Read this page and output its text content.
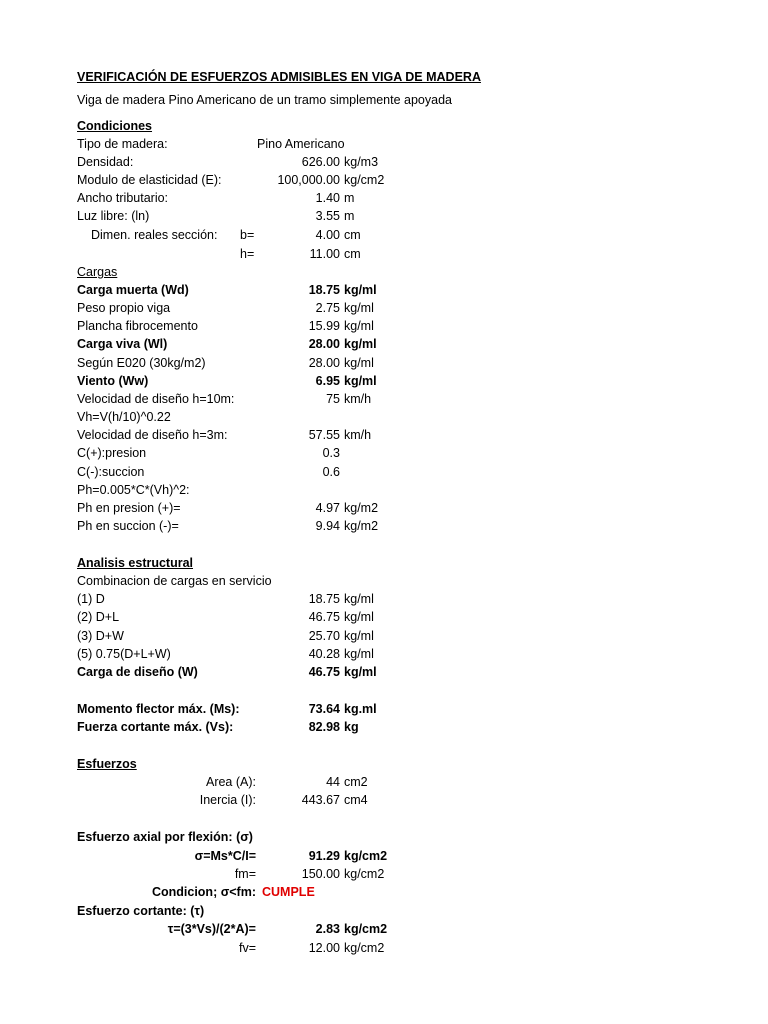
VERIFICACIÓN DE ESFUERZOS ADMISIBLES EN VIGA DE MADERA
Viga de madera Pino Americano de un tramo simplemente apoyada
Condiciones
Tipo de madera:	Pino Americano
Densidad:	626.00 kg/m3
Modulo de elasticidad (E):	100,000.00 kg/cm2
Ancho tributario:	1.40 m
Luz libre: (ln)	3.55 m
Dimen. reales sección: b=	4.00 cm
h=	11.00 cm
Cargas
Carga muerta (Wd)	18.75 kg/ml
Peso propio viga	2.75 kg/ml
Plancha fibrocemento	15.99 kg/ml
Carga viva (Wl)	28.00 kg/ml
Según E020 (30kg/m2)	28.00 kg/ml
Viento (Ww)	6.95 kg/ml
Velocidad de diseño h=10m:	75 km/h
Vh=V(h/10)^0.22
Velocidad de diseño h=3m:	57.55 km/h
C(+):presion	0.3
C(-):succion	0.6
Ph=0.005*C*(Vh)^2:
Ph en presion (+)=	4.97 kg/m2
Ph en succion (-)=	9.94 kg/m2
Analisis estructural
Combinacion de cargas en servicio
(1) D	18.75 kg/ml
(2) D+L	46.75 kg/ml
(3) D+W	25.70 kg/ml
(5) 0.75(D+L+W)	40.28 kg/ml
Carga de diseño (W)	46.75 kg/ml
Momento flector máx. (Ms):	73.64 kg.ml
Fuerza cortante máx. (Vs):	82.98 kg
Esfuerzos
Area (A):	44 cm2
Inercia (I):	443.67 cm4
Esfuerzo axial por flexión: (σ)
σ=Ms*C/I=	91.29 kg/cm2
fm=	150.00 kg/cm2
Condicion; σ<fm: CUMPLE
Esfuerzo cortante: (τ)
τ=(3*Vs)/(2*A)=	2.83 kg/cm2
fv=	12.00 kg/cm2
